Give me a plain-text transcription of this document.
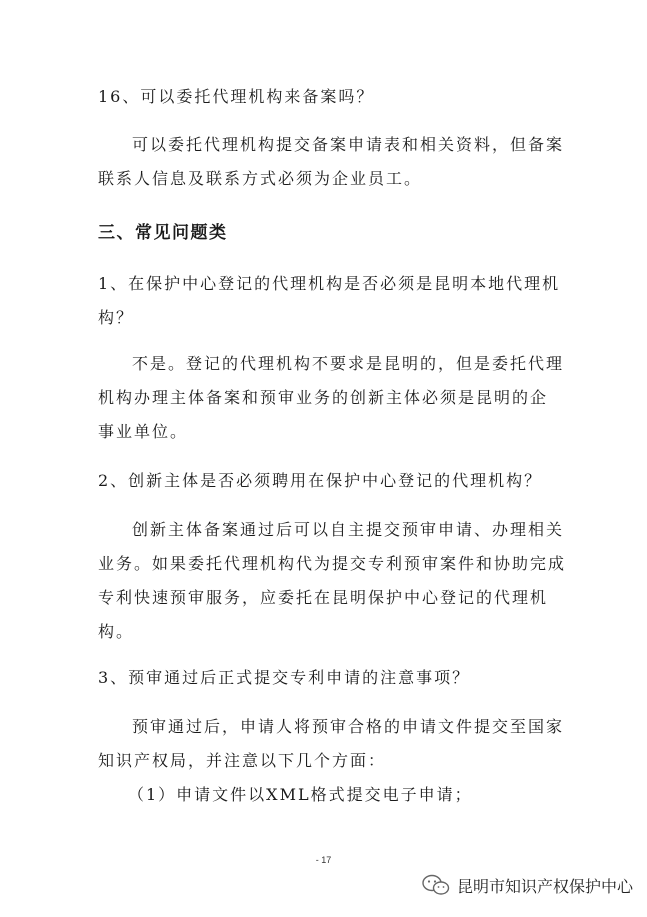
16、可以委托代理机构来备案吗？
可以委托代理机构提交备案申请表和相关资料，但备案
联系人信息及联系方式必须为企业员工。
三、常见问题类
1、在保护中心登记的代理机构是否必须是昆明本地代理机
构？
不是。登记的代理机构不要求是昆明的，但是委托代理
机构办理主体备案和预审业务的创新主体必须是昆明的企
事业单位。
2、创新主体是否必须聘用在保护中心登记的代理机构？
创新主体备案通过后可以自主提交预审申请、办理相关
业务。如果委托代理机构代为提交专利预审案件和协助完成
专利快速预审服务，应委托在昆明保护中心登记的代理机
构。
3、预审通过后正式提交专利申请的注意事项？
预审通过后，申请人将预审合格的申请文件提交至国家
知识产权局，并注意以下几个方面：
（1）申请文件以XML格式提交电子申请；
- 17
昆明市知识产权保护中心
